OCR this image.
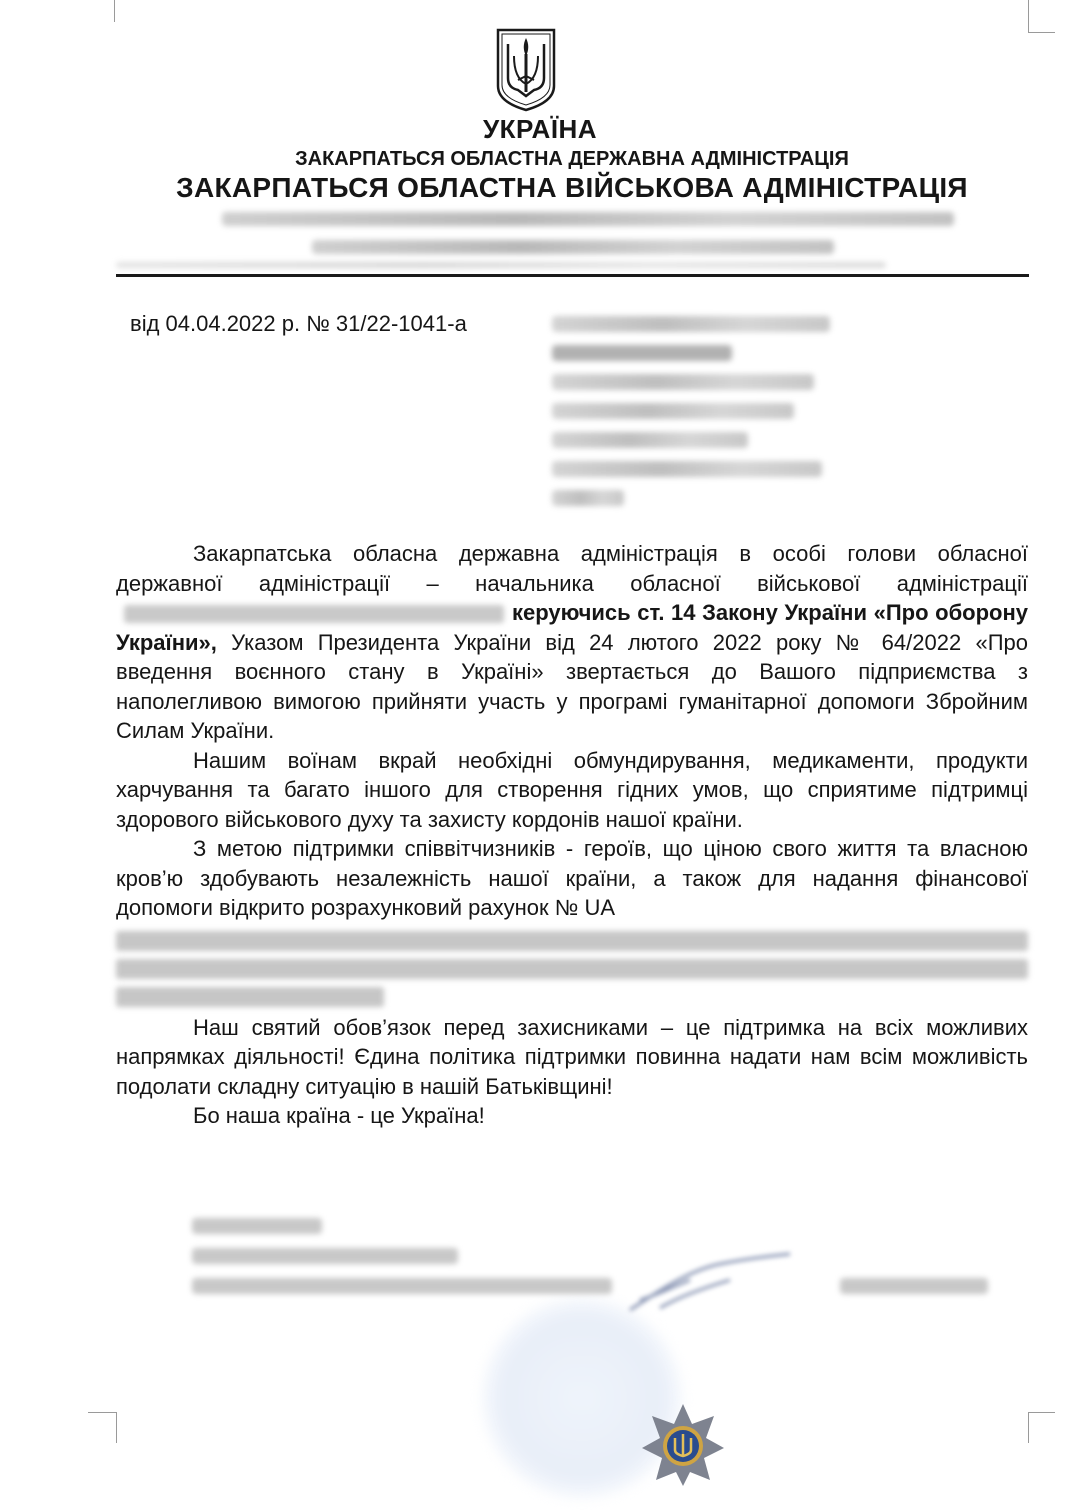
УКРАЇНА
ЗАКАРПАТЬСЯ ОБЛАСТНА ДЕРЖАВНА АДМІНІСТРАЦІЯ
ЗАКАРПАТЬСЯ ОБЛАСТНА ВІЙСЬКОВА АДМІНІСТРАЦІЯ
від 04.04.2022 р. № 31/22-1041-а

Закарпатська обласна державна адміністрація в особі голови обласної державної адміністрації – начальника обласної військової адміністраціїкеруючись ст. 14 Закону України «Про оборону України», Указом Президента України від 24 лютого 2022 року № 64/2022 «Про введення воєнного стану в Україні» звертається до Вашого підприємства з наполегливою вимогою прийняти участь у програмі гуманітарної допомоги Збройним Силам України.

Нашим воїнам вкрай необхідні обмундирування, медикаменти, продукти харчування та багато іншого для створення гідних умов, що сприятиме підтримці здорового військового духу та захисту кордонів нашої країни.

З метою підтримки співвітчизників - героїв, що ціною свого життя та власною кров’ю здобувають незалежність нашої країни, а також для надання фінансової допомоги відкрито розрахунковий рахунок № UA

Наш святий обов’язок перед захисниками – це підтримка на всіх можливих напрямках діяльності! Єдина політика підтримки повинна надати нам всім можливість подолати складну ситуацію в нашій Батьківщині!

Бо наша країна - це Україна!
